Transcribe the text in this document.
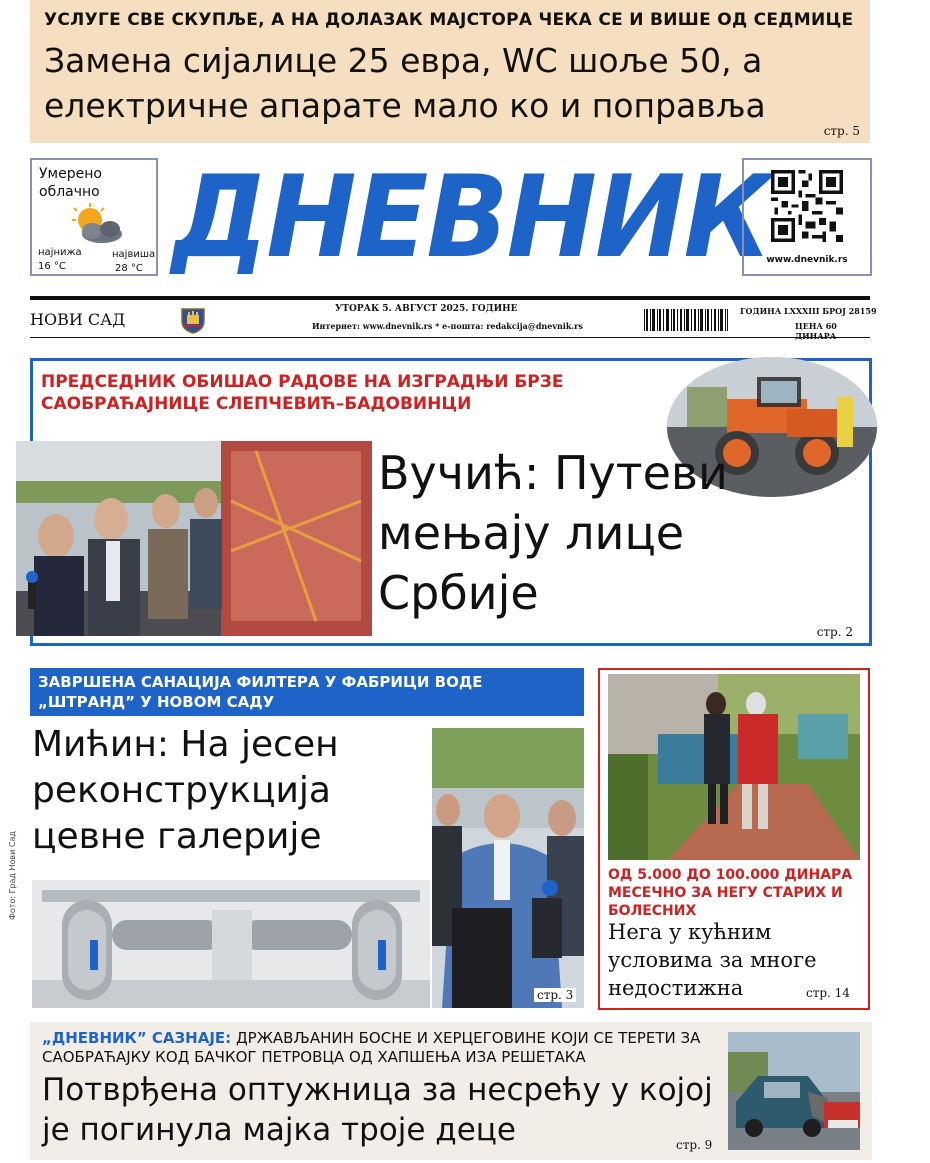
УСЛУГЕ СВЕ СКУПЉЕ, А НА ДОЛАЗАК МАЈСТОРА ЧЕКА СЕ И ВИШЕ ОД СЕДМИЦЕ
Замена сијалице 25 евра, WC шоље 50, а електричне апарате мало ко и поправља
стр. 5
Умерено облачно
најнижа
16 °C
највиша
28 °C ДНЕВНИК
www.dnevnik.rs
НОВИ САД
УТОРАК 5. АВГУСТ 2025. ГОДИНЕ
Интернет: www.dnevnik.rs * е-пошта: redakcija@dnevnik.rs
ГОДИНА LXXXIII БРОЈ 28159
ЦЕНА 60 ДИНАРА
ПРЕДСЕДНИК ОБИШАО РАДОВЕ НА ИЗГРАДЊИ БРЗЕ САОБРАЋАЈНИЦЕ СЛЕПЧЕВИЋ–БАДОВИНЦИ
Вучић: Путеви мењају лице Србије
стр. 2
ЗАВРШЕНА САНАЦИЈА ФИЛТЕРА У ФАБРИЦИ ВОДЕ „ШТРАНД” У НОВОМ САДУ
Мићин: На јесен реконструкција цевне галерије
Фото: Град Нови Сад
стр. 3
ОД 5.000 ДО 100.000 ДИНАРА МЕСЕЧНО ЗА НЕГУ СТАРИХ И БОЛЕСНИХ
Нега у кућним условима за многе недостижна	стр. 14
„ДНЕВНИК” САЗНАЈЕ: ДРЖАВЉАНИН БОСНЕ И ХЕРЦЕГОВИНЕ КОЈИ СЕ ТЕРЕТИ ЗА САОБРАЋАЈКУ КОД БАЧКОГ ПЕТРОВЦА ОД ХАПШЕЊА ИЗА РЕШЕТАКА
Потврђена оптужница за несрећу у којој је погинула мајка троје деце	стр. 9
